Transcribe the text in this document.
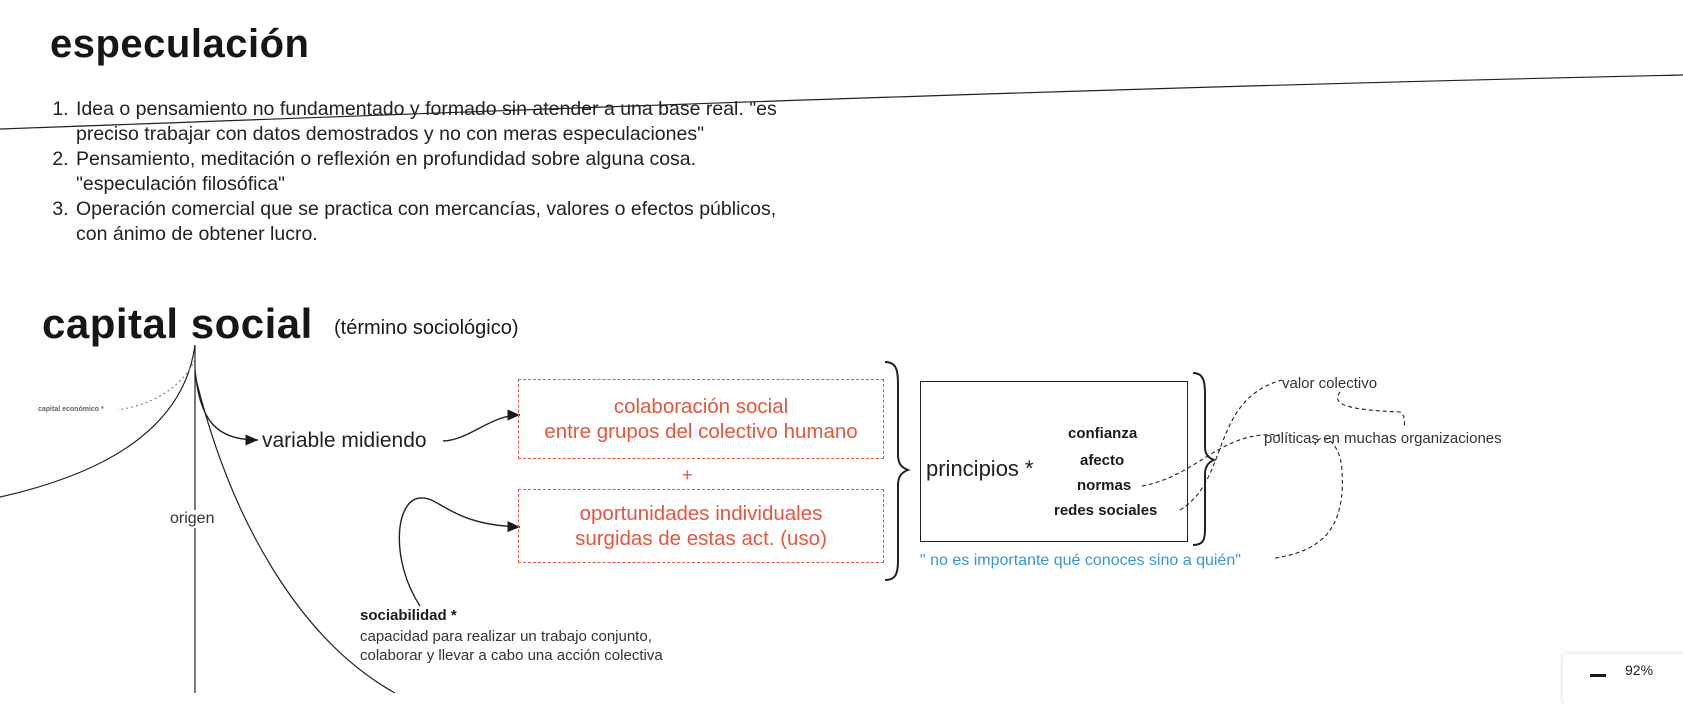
especulación
1. Idea o pensamiento no fundamentado y formado sin atender a una base real. "es
preciso trabajar con datos demostrados y no con meras especulaciones"
2. Pensamiento, meditación o reflexión en profundidad sobre alguna cosa.
"especulación filosófica"
3. Operación comercial que se practica con mercancías, valores o efectos públicos,
con ánimo de obtener lucro.
capital social (término sociológico)
capital económico *
variable midiendo
origen
colaboración social
entre grupos del colectivo humano
+
oportunidades individuales
surgidas de estas act. (uso)
principios *
confianza
afecto
normas
redes sociales
" no es importante qué conoces sino a quién"
valor colectivo
políticas en muchas organizaciones
sociabilidad *
capacidad para realizar un trabajo conjunto,
colaborar y llevar a cabo una acción colectiva
92%
